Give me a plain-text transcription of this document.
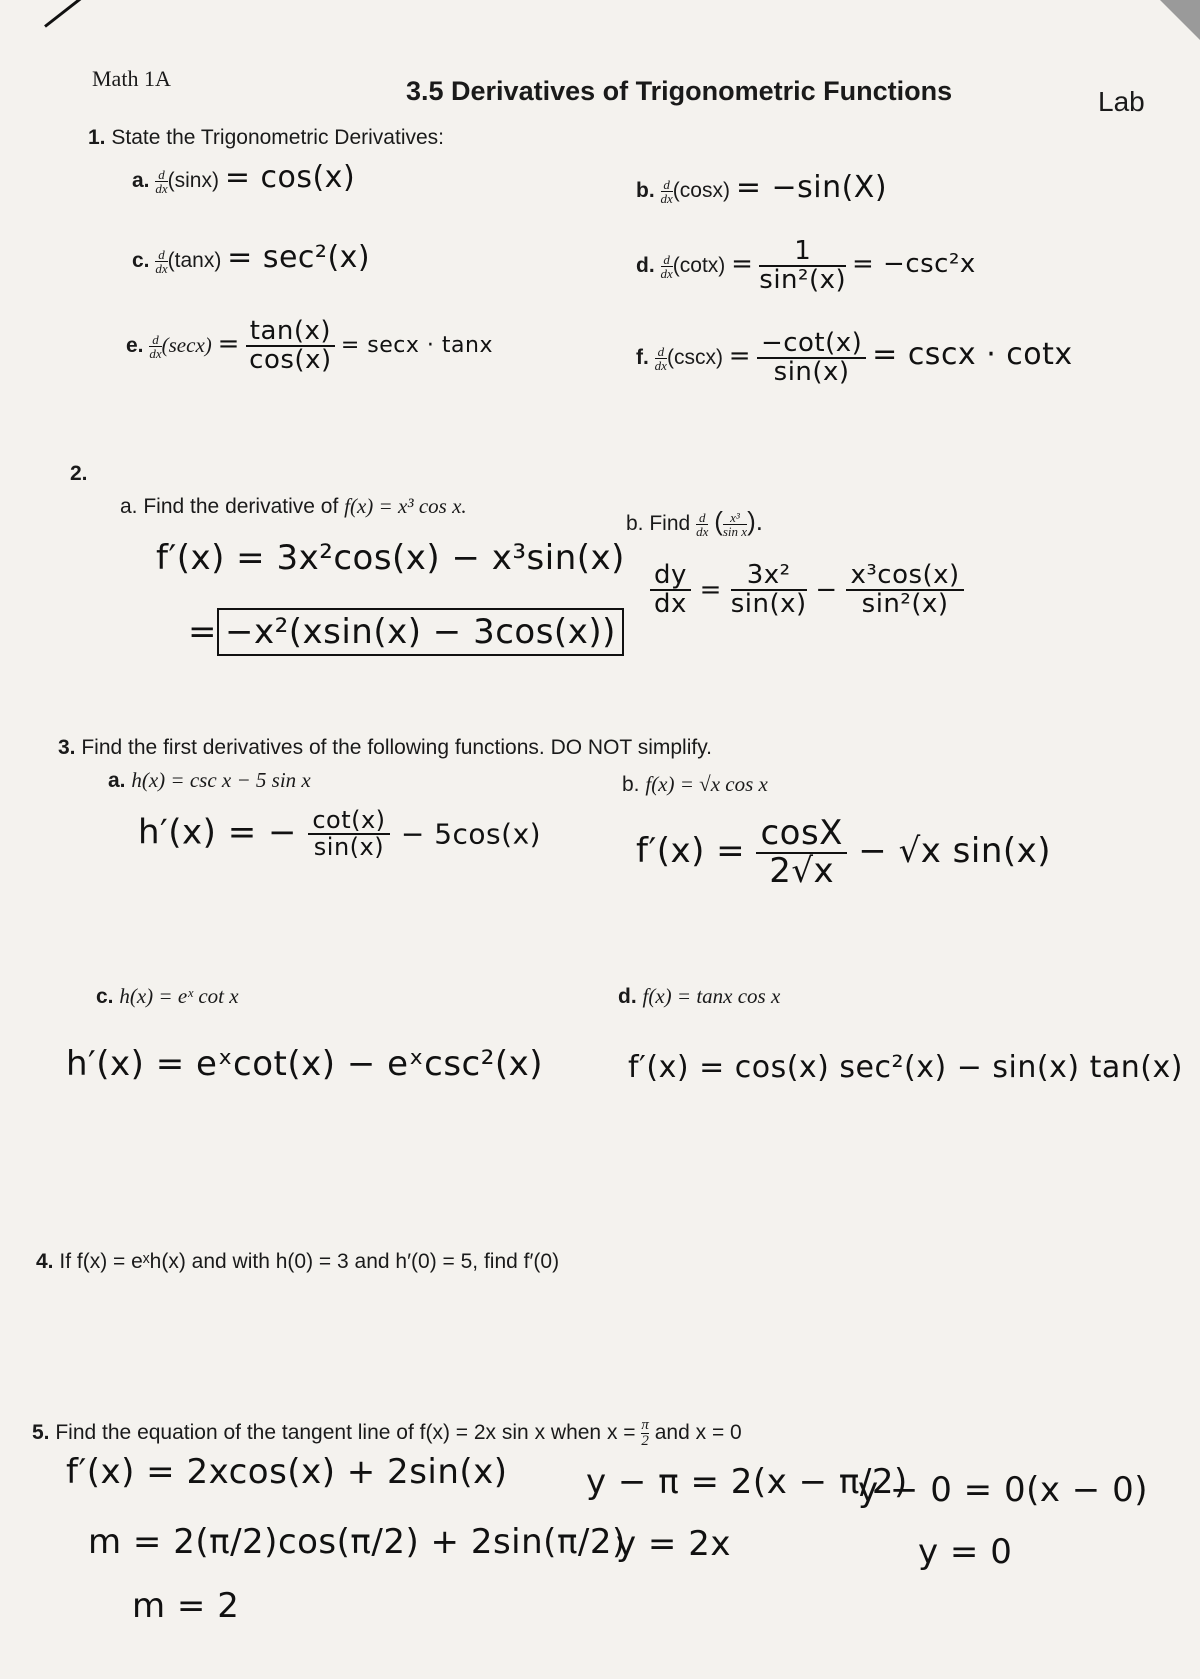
Math 1A	3.5 Derivatives of Trigonometric Functions	Lab
1. State the Trigonometric Derivatives:
a. $\frac{d}{dx} (\sin x) = \cos(x)$	b. $\frac{d}{dx} (\cos x) = -\sin(X)$
c. $\frac{d}{dx} (\tan x) = \sec^2(x)$	d. $\frac{d}{dx} (\cot x) = \frac{1}{\text{sin²(x)}} = -\csc^2x$
e. $\frac{d}{dx} (\sec x) = \frac{\tan(x)}{\cos(x)} = \sec x \cdot \tan x$	f. $\frac{d}{dx} (\csc x) = \frac{-\cot(x)}{\sin(x)} = \csc x \cdot \cot x$
2.
a. Find the derivative of f(x) = x³ cos x.
f′(x) = 3x²cos(x) − x³sin(x)
= −x²(xsin(x) − 3cos(x))
b. Find $\frac{d}{dx}$ ( $\frac{\text{x³}}{\text{sin x}}$ ).
$\frac{dy}{dx} = \frac{\text{3x²}}{\sin(x)} - \frac{\text{x³cos(x)}}{\text{sin²(x)}}$
3. Find the first derivatives of the following functions. DO NOT simplify.
a. h(x) = csc x − 5 sin x
h′(x) = − $\frac{\cot(x)}{\sin(x)} - 5\cos(x)$
b. f(x) = √x cos x
$f'(x) = \frac{\cos X}{2√x} - √x$ sin(x)
c. h(x) = eˣ cot x
h′(x) = eˣcot(x) − eˣcsc²(x)
d. f(x) = tanx cos x
f′(x) = cos(x) sec²(x) − sin(x) tan(x)
4. If f(x) = eˣh(x) and with h(0) = 3 and h′(0) = 5, find f′(0)
5. Find the equation of the tangent line of f(x) = 2x sin x when $x = \frac{\pi}{2}$ and x = 0
f′(x) = 2xcos(x) + 2sin(x)
m = 2(π/2)cos(π/2) + 2sin(π/2)
m = 2
y − π = 2(x − π/2)
y = 2x
y − 0 = 0(x − 0)
y = 0
